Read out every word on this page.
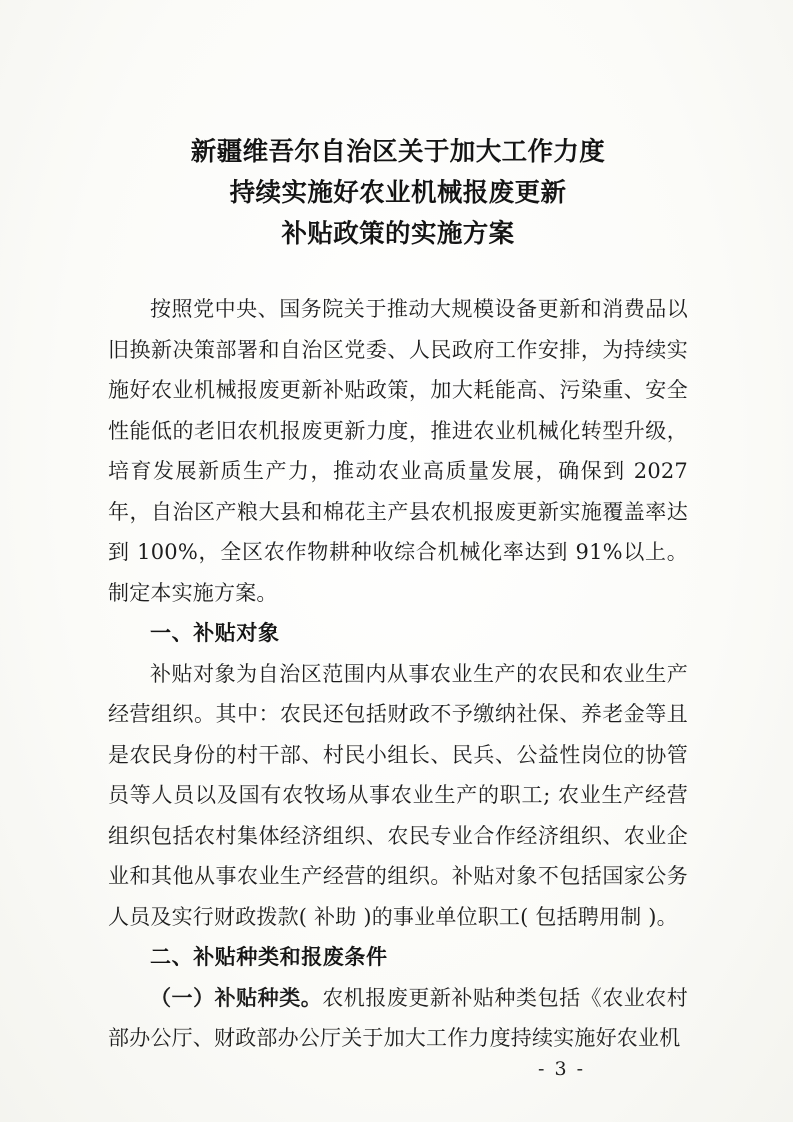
新疆维吾尔自治区关于加大工作力度
持续实施好农业机械报废更新
补贴政策的实施方案

按照党中央、国务院关于推动大规模设备更新和消费品以旧换新决策部署和自治区党委、人民政府工作安排，为持续实施好农业机械报废更新补贴政策，加大耗能高、污染重、安全性能低的老旧农机报废更新力度，推进农业机械化转型升级，培育发展新质生产力，推动农业高质量发展，确保到 2027 年，自治区产粮大县和棉花主产县农机报废更新实施覆盖率达到 100%，全区农作物耕种收综合机械化率达到 91%以上。制定本实施方案。

一、补贴对象

补贴对象为自治区范围内从事农业生产的农民和农业生产经营组织。其中：农民还包括财政不予缴纳社保、养老金等且是农民身份的村干部、村民小组长、民兵、公益性岗位的协管员等人员以及国有农牧场从事农业生产的职工; 农业生产经营组织包括农村集体经济组织、农民专业合作经济组织、农业企业和其他从事农业生产经营的组织。补贴对象不包括国家公务人员及实行财政拨款( 补助 )的事业单位职工( 包括聘用制 )。

二、补贴种类和报废条件

（一）补贴种类。农机报废更新补贴种类包括《农业农村部办公厅、财政部办公厅关于加大工作力度持续实施好农业机

- 3 -
